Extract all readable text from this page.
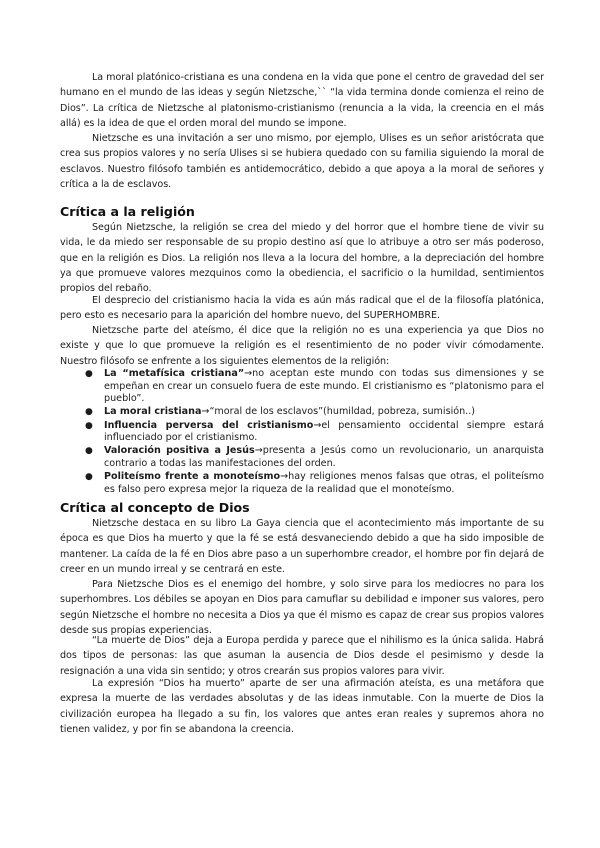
La moral platónico-cristiana es una condena en la vida que pone el centro de gravedad del ser humano en el mundo de las ideas y según Nietzsche,`` “la vida termina donde comienza el reino de Dios”. La crítica de Nietzsche al platonismo-cristianismo (renuncia a la vida, la creencia en el más allá) es la idea de que el orden moral del mundo se impone.

Nietzsche es una invitación a ser uno mismo, por ejemplo, Ulises es un señor aristócrata que crea sus propios valores y no sería Ulises si se hubiera quedado con su familia siguiendo la moral de esclavos. Nuestro filósofo también es antidemocrático, debido a que apoya a la moral de señores y crítica a la de esclavos.

Crítica a la religión

Según Nietzsche, la religión se crea del miedo y del horror que el hombre tiene de vivir su vida, le da miedo ser responsable de su propio destino así que lo atribuye a otro ser más poderoso, que en la religión es Dios. La religión nos lleva a la locura del hombre, a la depreciación del hombre ya que promueve valores mezquinos como la obediencia, el sacrificio o la humildad, sentimientos propios del rebaño.

El desprecio del cristianismo hacia la vida es aún más radical que el de la filosofía platónica, pero esto es necesario para la aparición del hombre nuevo, del SUPERHOMBRE.

Nietzsche parte del ateísmo, él dice que la religión no es una experiencia ya que Dios no existe y que lo que promueve la religión es el resentimiento de no poder vivir cómodamente. Nuestro filósofo se enfrente a los siguientes elementos de la religión:

● La “metafísica cristiana”→no aceptan este mundo con todas sus dimensiones y se empeñan en crear un consuelo fuera de este mundo. El cristianismo es “platonismo para el pueblo”.
● La moral cristiana→“moral de los esclavos”(humildad, pobreza, sumisión..)
● Influencia perversa del cristianismo→el pensamiento occidental siempre estará influenciado por el cristianismo.
● Valoración positiva a Jesús→presenta a Jesús como un revolucionario, un anarquista contrario a todas las manifestaciones del orden.
● Politeísmo frente a monoteísmo→hay religiones menos falsas que otras, el politeísmo es falso pero expresa mejor la riqueza de la realidad que el monoteísmo.
Crítica al concepto de Dios

Nietzsche destaca en su libro La Gaya ciencia que el acontecimiento más importante de su época es que Dios ha muerto y que la fé se está desvaneciendo debido a que ha sido imposible de mantener. La caída de la fé en Dios abre paso a un superhombre creador, el hombre por fin dejará de creer en un mundo irreal y se centrará en este.

Para Nietzsche Dios es el enemigo del hombre, y solo sirve para los mediocres no para los superhombres. Los débiles se apoyan en Dios para camuflar su debilidad e imponer sus valores, pero según Nietzsche el hombre no necesita a Dios ya que él mismo es capaz de crear sus propios valores desde sus propias experiencias.

“La muerte de Dios” deja a Europa perdida y parece que el nihilismo es la única salida. Habrá dos tipos de personas: las que asuman la ausencia de Dios desde el pesimismo y desde la resignación a una vida sin sentido; y otros crearán sus propios valores para vivir.

La expresión “Dios ha muerto” aparte de ser una afirmación ateísta, es una metáfora que expresa la muerte de las verdades absolutas y de las ideas inmutable. Con la muerte de Dios la civilización europea ha llegado a su fin, los valores que antes eran reales y supremos ahora no tienen validez, y por fin se abandona la creencia.
